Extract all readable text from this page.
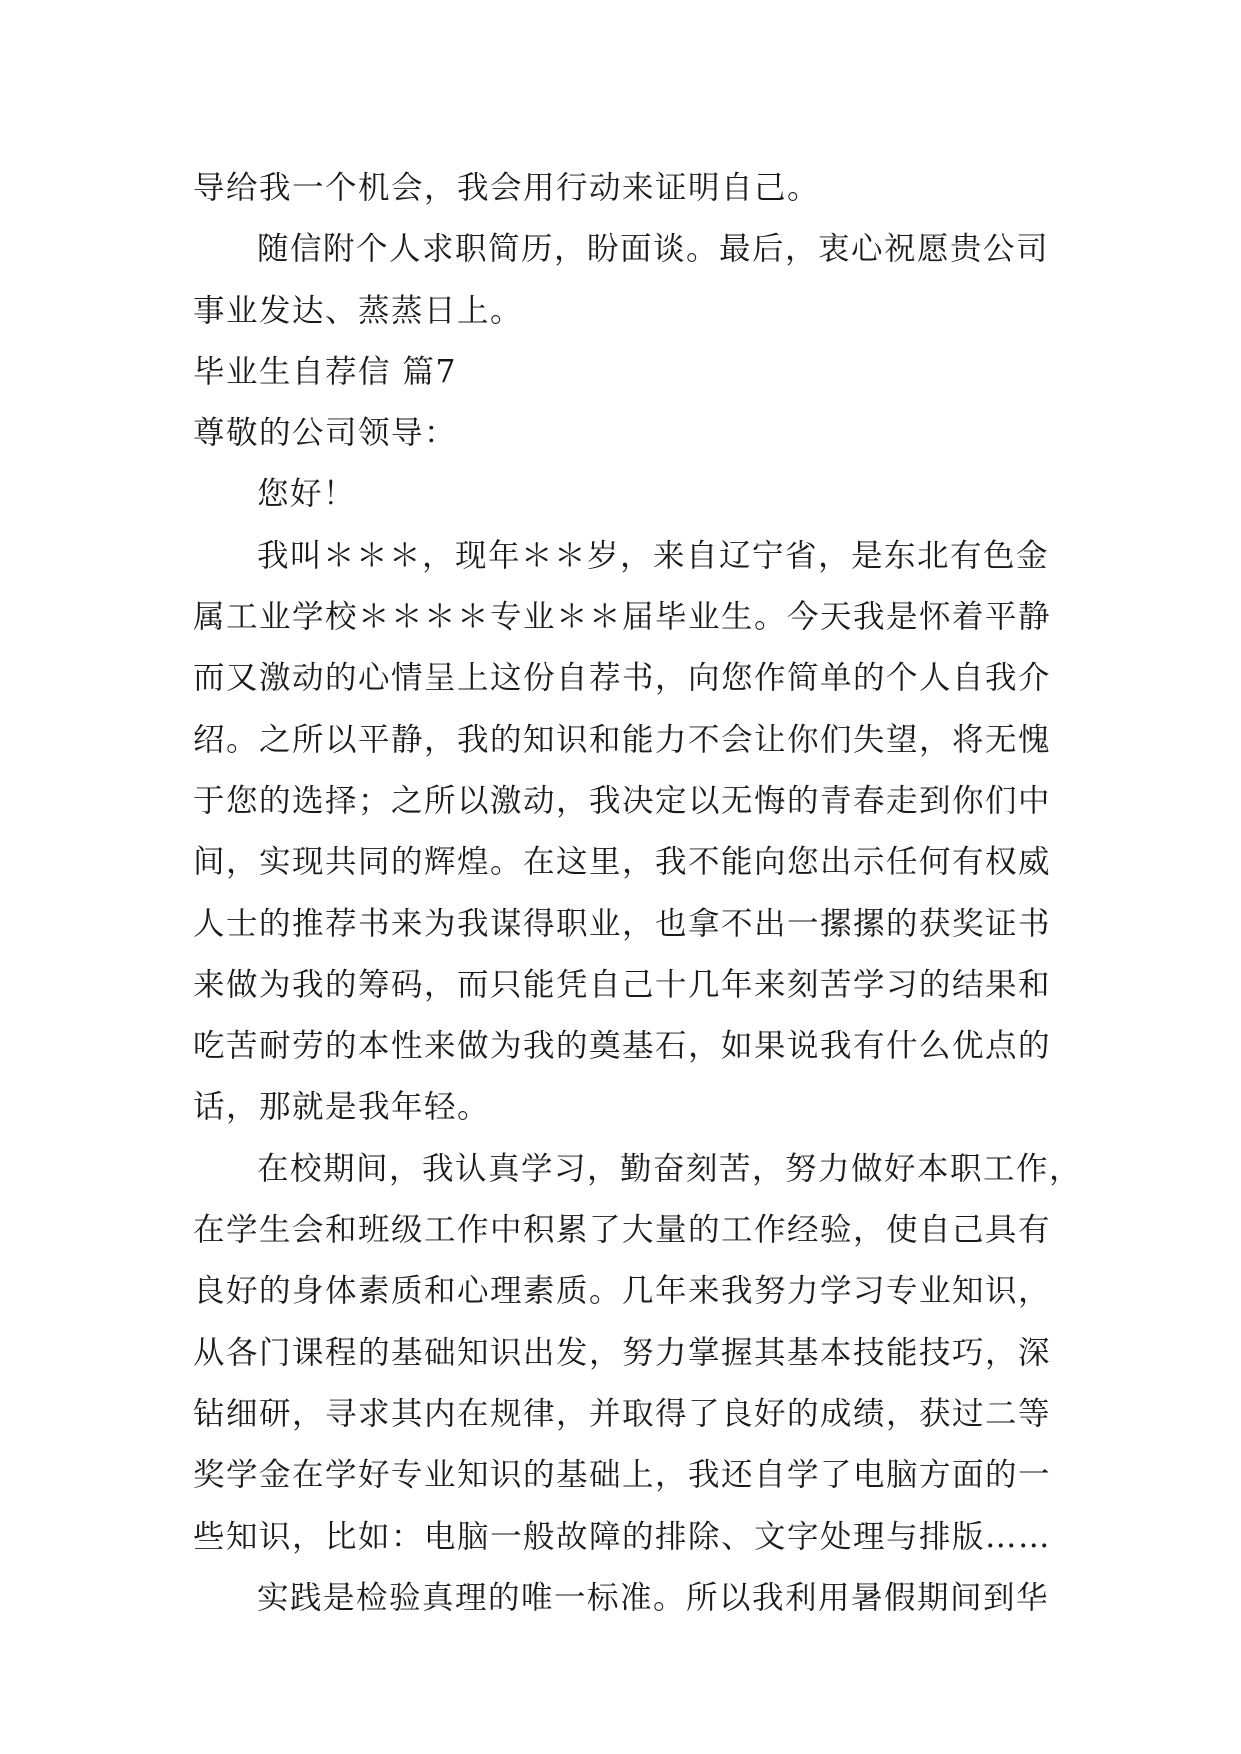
导给我一个机会，我会用行动来证明自己。
随信附个人求职简历，盼面谈。最后，衷心祝愿贵公司
事业发达、蒸蒸日上。
毕业生自荐信 篇7
尊敬的公司领导：
您好！
我叫＊＊＊，现年＊＊岁，来自辽宁省，是东北有色金
属工业学校＊＊＊＊专业＊＊届毕业生。今天我是怀着平静
而又激动的心情呈上这份自荐书，向您作简单的个人自我介
绍。之所以平静，我的知识和能力不会让你们失望，将无愧
于您的选择；之所以激动，我决定以无悔的青春走到你们中
间，实现共同的辉煌。在这里，我不能向您出示任何有权威
人士的推荐书来为我谋得职业，也拿不出一摞摞的获奖证书
来做为我的筹码，而只能凭自己十几年来刻苦学习的结果和
吃苦耐劳的本性来做为我的奠基石，如果说我有什么优点的
话，那就是我年轻。
在校期间，我认真学习，勤奋刻苦，努力做好本职工作，
在学生会和班级工作中积累了大量的工作经验，使自己具有
良好的身体素质和心理素质。几年来我努力学习专业知识，
从各门课程的基础知识出发，努力掌握其基本技能技巧，深
钻细研，寻求其内在规律，并取得了良好的成绩，获过二等
奖学金在学好专业知识的基础上，我还自学了电脑方面的一
些知识，比如：电脑一般故障的排除、文字处理与排版……
实践是检验真理的唯一标准。所以我利用暑假期间到华
